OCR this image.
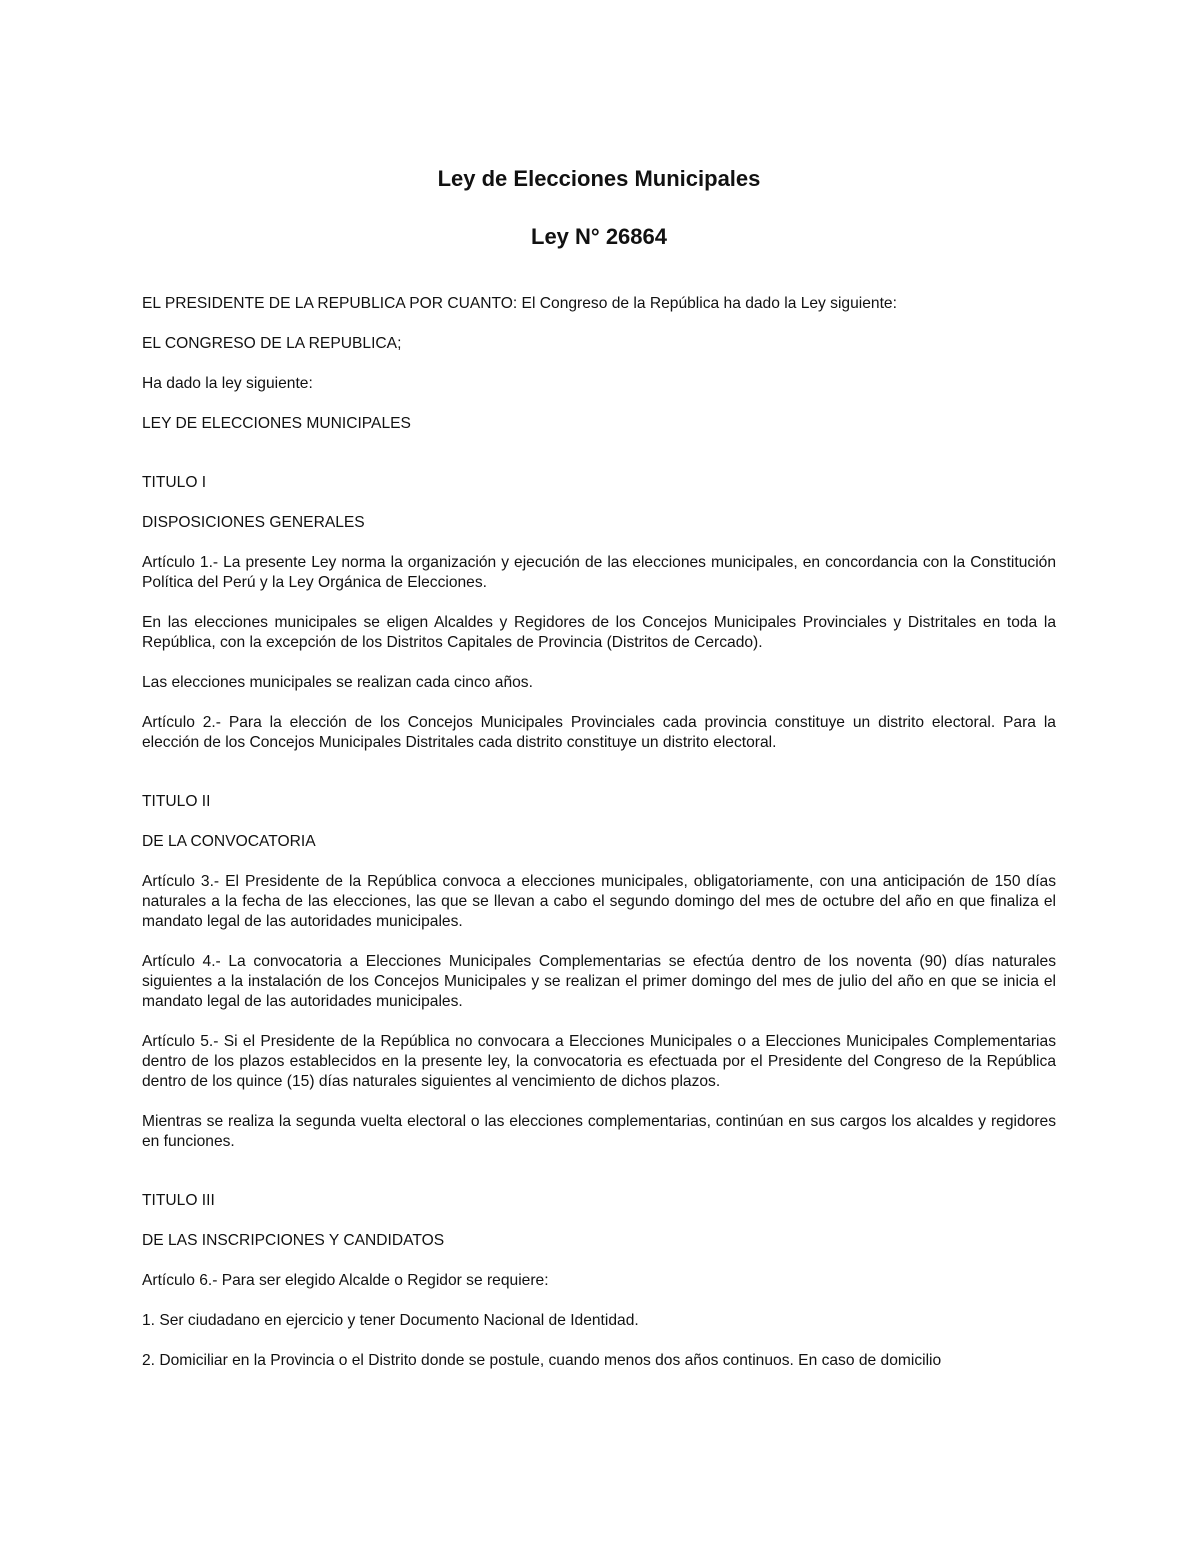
Ley de Elecciones Municipales
Ley N° 26864

EL PRESIDENTE DE LA REPUBLICA POR CUANTO: El Congreso de la República ha dado la Ley siguiente:

EL CONGRESO DE LA REPUBLICA;

Ha dado la ley siguiente:

LEY DE ELECCIONES MUNICIPALES

TITULO I

DISPOSICIONES GENERALES

Artículo 1.- La presente Ley norma la organización y ejecución de las elecciones municipales, en concordancia con la Constitución Política del Perú y la Ley Orgánica de Elecciones.

En las elecciones municipales se eligen Alcaldes y Regidores de los Concejos Municipales Provinciales y Distritales en toda la República, con la excepción de los Distritos Capitales de Provincia (Distritos de Cercado).

Las elecciones municipales se realizan cada cinco años.

Artículo 2.- Para la elección de los Concejos Municipales Provinciales cada provincia constituye un distrito electoral. Para la elección de los Concejos Municipales Distritales cada distrito constituye un distrito electoral.

TITULO II

DE LA CONVOCATORIA

Artículo 3.- El Presidente de la República convoca a elecciones municipales, obligatoriamente, con una anticipación de 150 días naturales a la fecha de las elecciones, las que se llevan a cabo el segundo domingo del mes de octubre del año en que finaliza el mandato legal de las autoridades municipales.

Artículo 4.- La convocatoria a Elecciones Municipales Complementarias se efectúa dentro de los noventa (90) días naturales siguientes a la instalación de los Concejos Municipales y se realizan el primer domingo del mes de julio del año en que se inicia el mandato legal de las autoridades municipales.

Artículo 5.- Si el Presidente de la República no convocara a Elecciones Municipales o a Elecciones Municipales Complementarias dentro de los plazos establecidos en la presente ley, la convocatoria es efectuada por el Presidente del Congreso de la República dentro de los quince (15) días naturales siguientes al vencimiento de dichos plazos.

Mientras se realiza la segunda vuelta electoral o las elecciones complementarias, continúan en sus cargos los alcaldes y regidores en funciones.

TITULO III

DE LAS INSCRIPCIONES Y CANDIDATOS

Artículo 6.- Para ser elegido Alcalde o Regidor se requiere:

1. Ser ciudadano en ejercicio y tener Documento Nacional de Identidad.

2. Domiciliar en la Provincia o el Distrito donde se postule, cuando menos dos años continuos. En caso de domicilio
